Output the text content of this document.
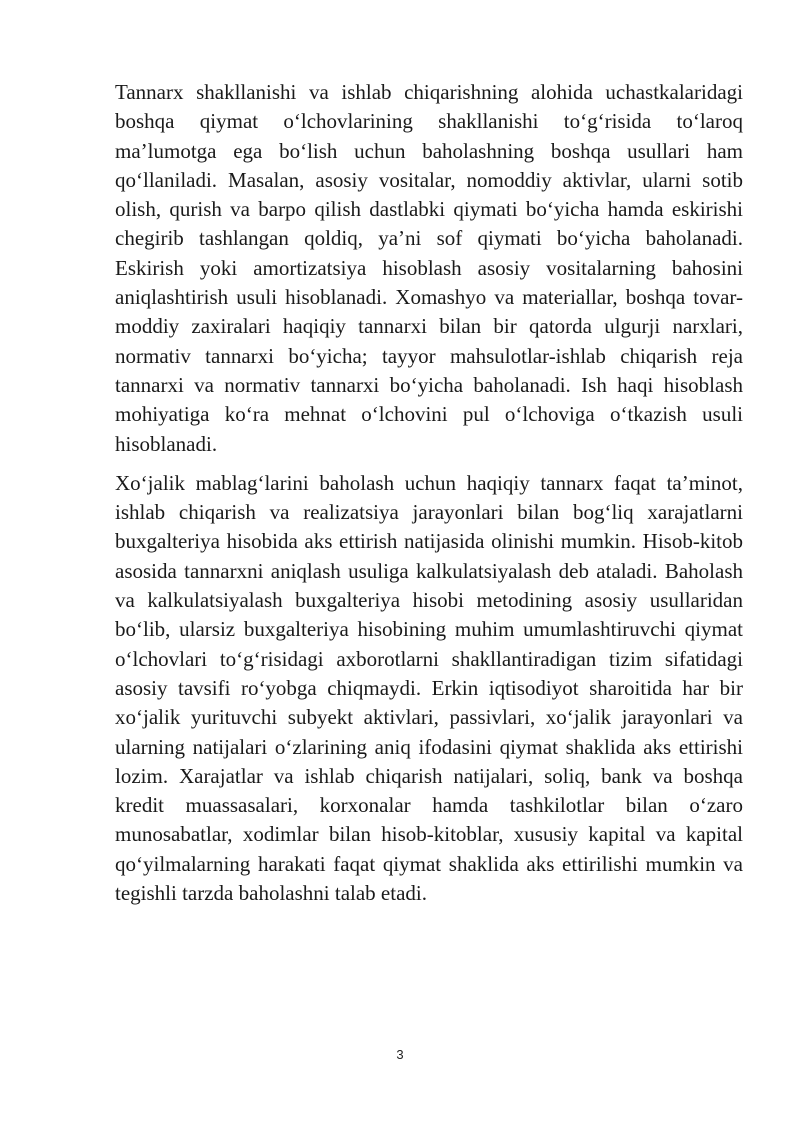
Tannarx shakllanishi va ishlab chiqarishning alohida uchastkalaridagi boshqa qiymat o‘lchovlarining shakllanishi to‘g‘risida to‘laroq ma’lumotga ega bo‘lish uchun baholashning boshqa usullari ham qo‘llaniladi. Masalan, asosiy vositalar, nomoddiy aktivlar, ularni sotib olish, qurish va barpo qilish dastlabki qiymati bo‘yicha hamda eskirishi chegirib tashlangan qoldiq, ya’ni sof qiymati bo‘yicha baholanadi. Eskirish yoki amortizatsiya hisoblash asosiy vositalarning bahosini aniqlashtirish usuli hisoblanadi. Xomashyo va materiallar, boshqa tovar-moddiy zaxiralari haqiqiy tannarxi bilan bir qatorda ulgurji narxlari, normativ tannarxi bo‘yicha; tayyor mahsulotlar-ishlab chiqarish reja tannarxi va normativ tannarxi bo‘yicha baholanadi. Ish haqi hisoblash mohiyatiga ko‘ra mehnat o‘lchovini pul o‘lchoviga o‘tkazish usuli hisoblanadi.

Xo‘jalik mablag‘larini baholash uchun haqiqiy tannarx faqat ta’minot, ishlab chiqarish va realizatsiya jarayonlari bilan bog‘liq xarajatlarni buxgalteriya hisobida aks ettirish natijasida olinishi mumkin. Hisob-kitob asosida tannarxni aniqlash usuliga kalkulatsiyalash deb ataladi. Baholash va kalkulatsiyalash buxgalteriya hisobi metodining asosiy usullaridan bo‘lib, ularsiz buxgalteriya hisobining muhim umumlashtiruvchi qiymat o‘lchovlari to‘g‘risidagi axborotlarni shakllantiradigan tizim sifatidagi asosiy tavsifi ro‘yobga chiqmaydi. Erkin iqtisodiyot sharoitida har bir xo‘jalik yurituvchi subyekt aktivlari, passivlari, xo‘jalik jarayonlari va ularning natijalari o‘zlarining aniq ifodasini qiymat shaklida aks ettirishi lozim. Xarajatlar va ishlab chiqarish natijalari, soliq, bank va boshqa kredit muassasalari, korxonalar hamda tashkilotlar bilan o‘zaro munosabatlar, xodimlar bilan hisob-kitoblar, xususiy kapital va kapital qo‘yilmalarning harakati faqat qiymat shaklida aks ettirilishi mumkin va tegishli tarzda baholashni talab etadi.

3
